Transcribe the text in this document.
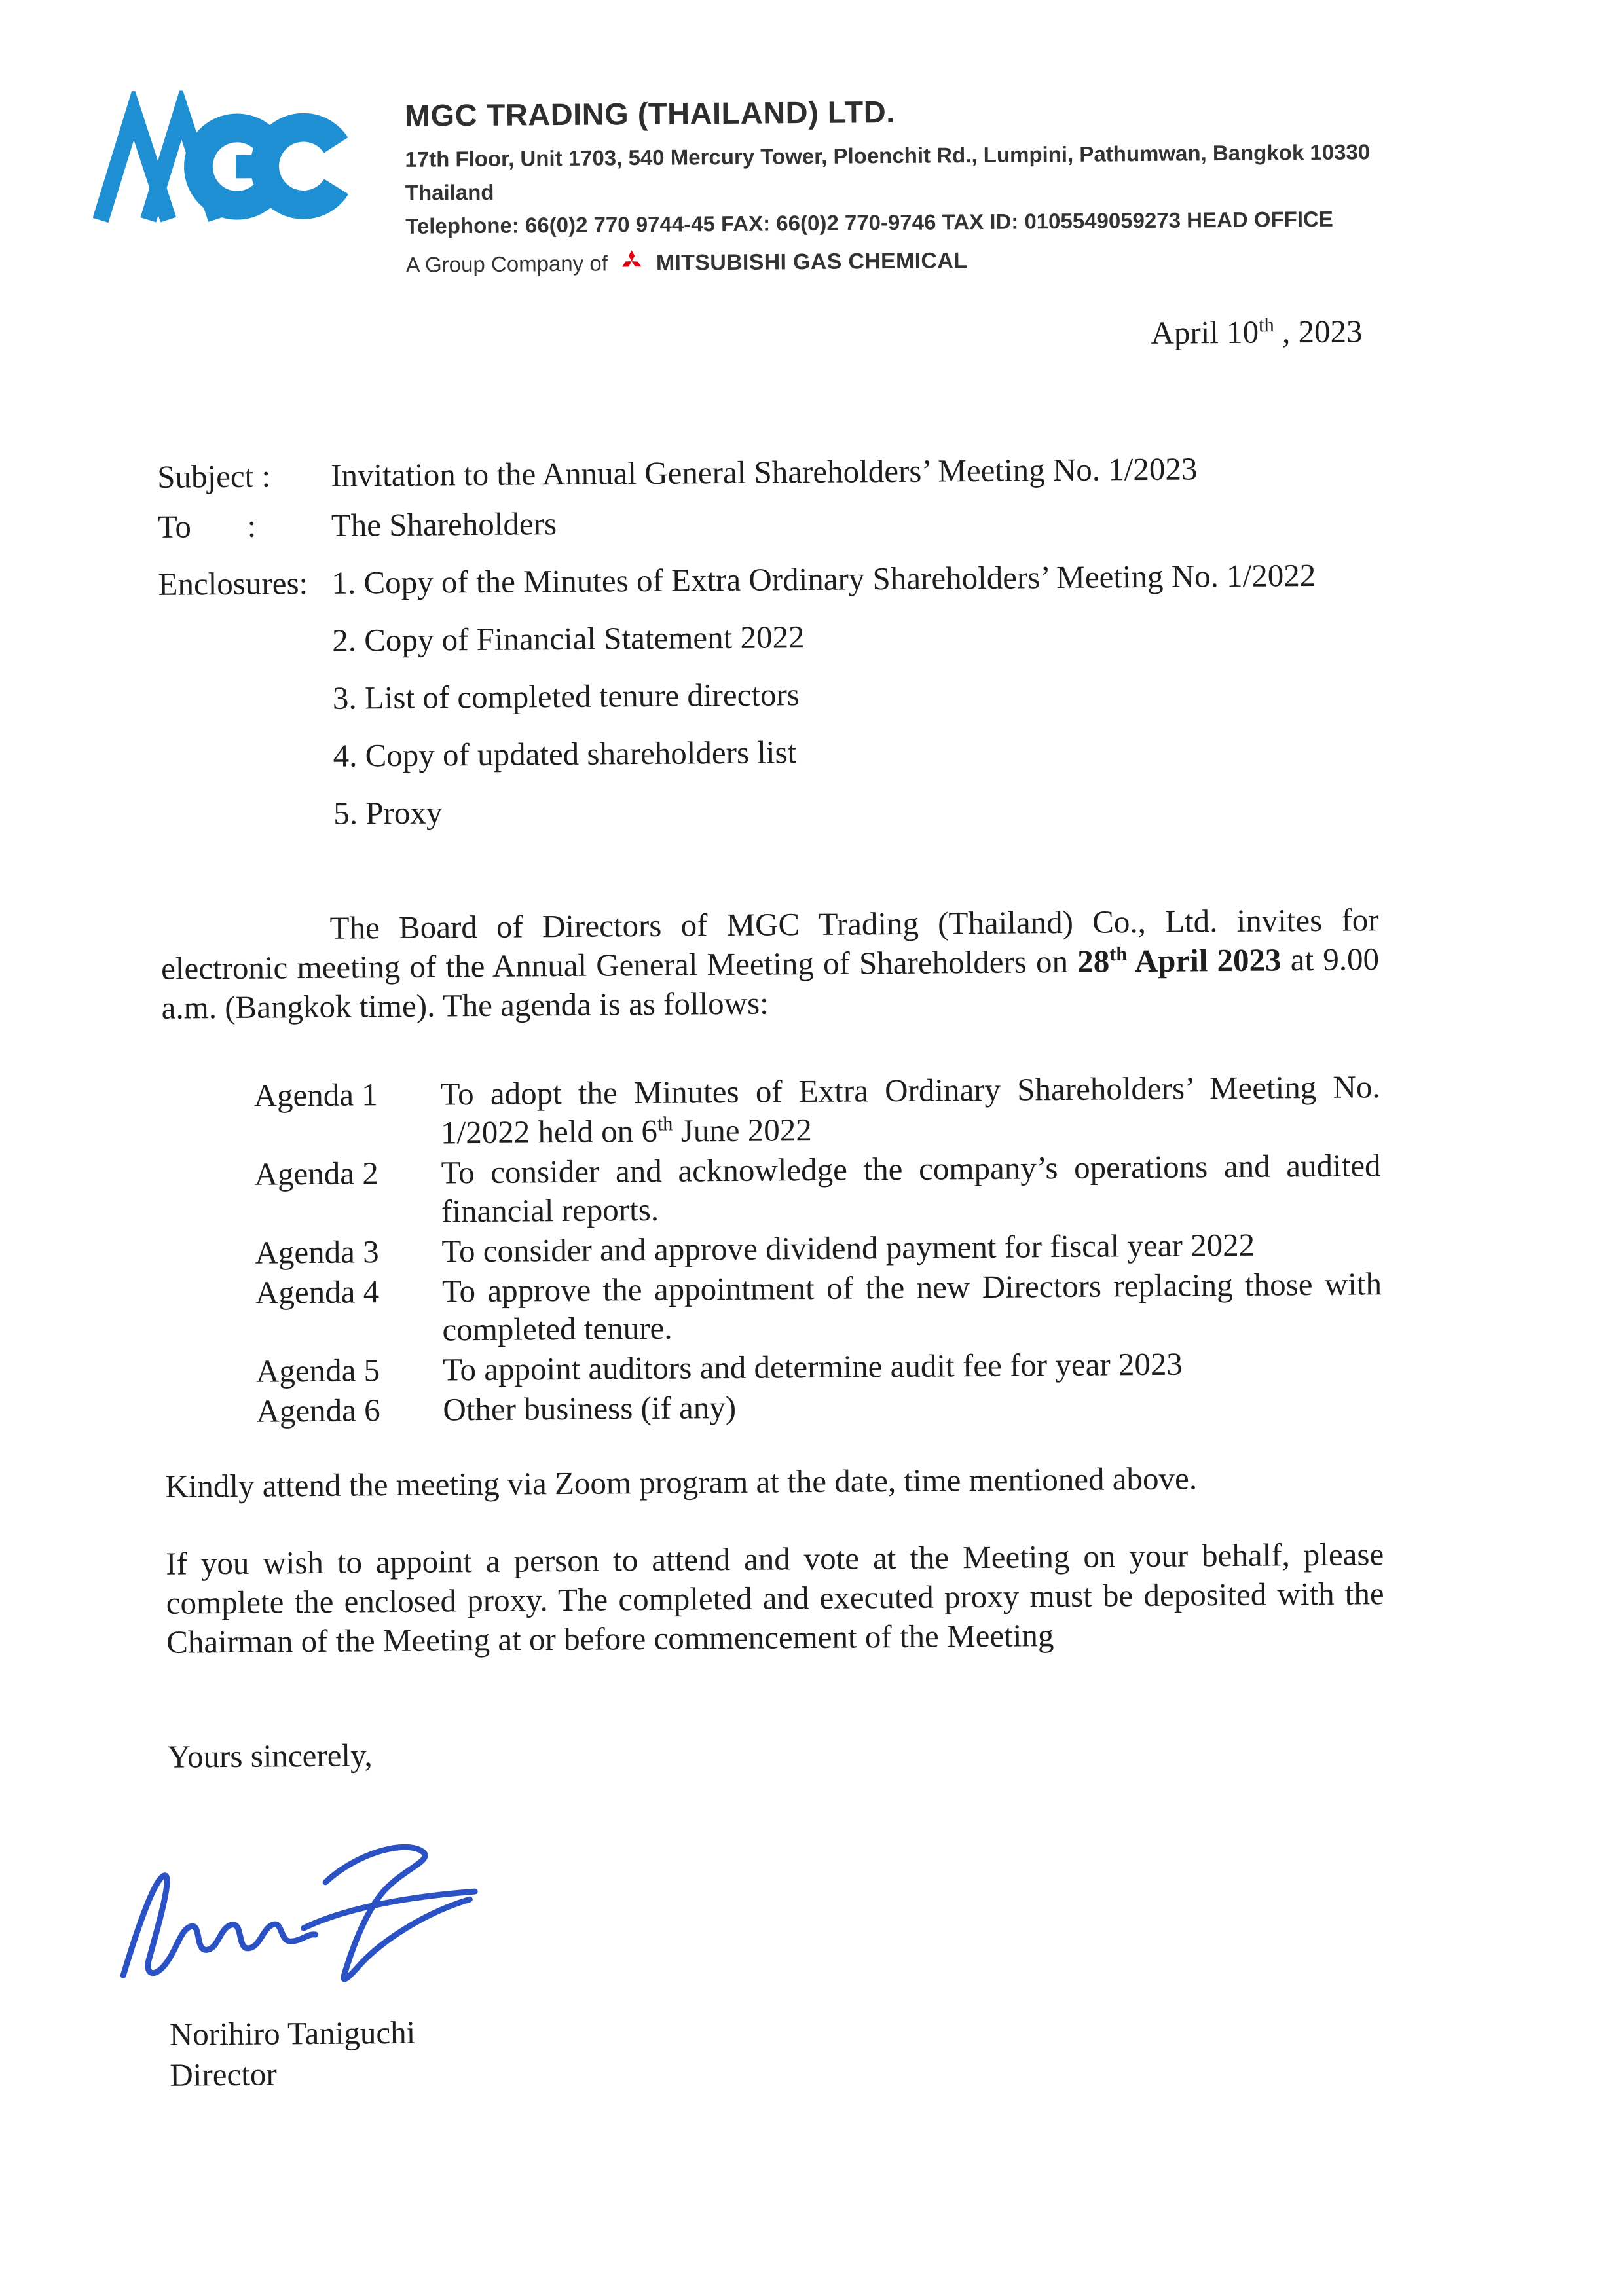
MGC TRADING (THAILAND) LTD.

17th Floor, Unit 1703, 540 Mercury Tower, Ploenchit Rd., Lumpini, Pathumwan, Bangkok 10330 Thailand

Telephone: 66(0)2 770 9744-45 FAX: 66(0)2 770-9746 TAX ID: 0105549059273 HEAD OFFICE

A Group Company of MITSUBISHI GAS CHEMICAL
April 10th , 2023
Subject :	Invitation to the Annual General Shareholders’ Meeting No. 1/2023
To       :	The Shareholders
Enclosures: 1. Copy of the Minutes of Extra Ordinary Shareholders’ Meeting No. 1/2022
2. Copy of Financial Statement 2022
3. List of completed tenure directors
4. Copy of updated shareholders list
5. Proxy

The Board of Directors of MGC Trading (Thailand) Co., Ltd. invites for electronic meeting of the Annual General Meeting of Shareholders on 28th April 2023 at 9.00 a.m. (Bangkok time). The agenda is as follows:

Agenda 1	To adopt the Minutes of Extra Ordinary Shareholders’ Meeting No. 1/2022 held on 6th June 2022
Agenda 2	To consider and acknowledge the company’s operations and audited financial reports.
Agenda 3	To consider and approve dividend payment for fiscal year 2022
Agenda 4	To approve the appointment of the new Directors replacing those with completed tenure.
Agenda 5	To appoint auditors and determine audit fee for year 2023
Agenda 6	Other business (if any)

Kindly attend the meeting via Zoom program at the date, time mentioned above.

If you wish to appoint a person to attend and vote at the Meeting on your behalf, please complete the enclosed proxy. The completed and executed proxy must be deposited with the Chairman of the Meeting at or before commencement of the Meeting

Yours sincerely,

Norihiro Taniguchi
Director
